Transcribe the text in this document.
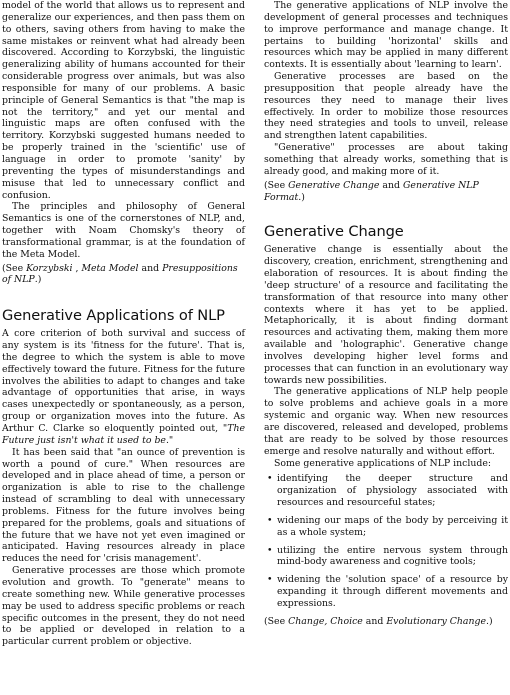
model of the world that allows us to represent and generalize our experiences, and then pass them on to others, saving others from having to make the same mistakes or reinvent what had already been discovered. According to Korzybski, the linguistic generalizing ability of humans accounted for their considerable progress over animals, but was also responsible for many of our problems. A basic principle of General Semantics is that "the map is not the territory," and yet our mental and linguistic maps are often confused with the territory. Korzybski suggested humans needed to be properly trained in the 'scientific' use of language in order to promote 'sanity' by preventing the types of misunderstandings and misuse that led to unnecessary conflict and confusion.

The principles and philosophy of General Semantics is one of the cornerstones of NLP, and, together with Noam Chomsky's theory of transformational grammar, is at the foundation of the Meta Model.

(See Korzybski , Meta Model and Presuppositions of NLP.)

Generative Applications of NLP

A core criterion of both survival and success of any system is its 'fitness for the future'. That is, the degree to which the system is able to move effectively toward the future. Fitness for the future involves the abilities to adapt to changes and take advantage of opportunities that arise, in ways cases unexpectedly or spontaneously, as a person, group or organization moves into the future. As Arthur C. Clarke so eloquently pointed out, "The Future just isn't what it used to be."

It has been said that "an ounce of prevention is worth a pound of cure." When resources are developed and in place ahead of time, a person or organization is able to rise to the challenge instead of scrambling to deal with unnecessary problems. Fitness for the future involves being prepared for the problems, goals and situations of the future that we have not yet even imagined or anticipated. Having resources already in place reduces the need for 'crisis management'.

Generative processes are those which promote evolution and growth. To "generate" means to create something new. While generative processes may be used to address specific problems or reach specific outcomes in the present, they do not need to be applied or developed in relation to a particular current problem or objective.

The generative applications of NLP involve the development of general processes and techniques to improve performance and manage change. It pertains to building 'horizontal' skills and resources which may be applied in many different contexts. It is essentially about 'learning to learn'.

Generative processes are based on the presupposition that people already have the resources they need to manage their lives effectively. In order to mobilize those resources they need strategies and tools to unveil, release and strengthen latent capabilities.

"Generative" processes are about taking something that already works, something that is already good, and making more of it.

(See Generative Change and Generative NLP Format.)

Generative Change

Generative change is essentially about the discovery, creation, enrichment, strengthening and elaboration of resources. It is about finding the 'deep structure' of a resource and facilitating the transformation of that resource into many other contexts where it has yet to be applied. Metaphorically, it is about finding dormant resources and activating them, making them more available and 'holographic'. Generative change involves developing higher level forms and processes that can function in an evolutionary way towards new possibilities.

The generative applications of NLP help people to solve problems and achieve goals in a more systemic and organic way. When new resources are discovered, released and developed, problems that are ready to be solved by those resources emerge and resolve naturally and without effort.

Some generative applications of NLP include:

• identifying the deeper structure and organization of physiology associated with resources and resourceful states;
• widening our maps of the body by perceiving it as a whole system;
• utilizing the entire nervous system through mind-body awareness and cognitive tools;
• widening the 'solution space' of a resource by expanding it through different movements and expressions.

(See Change, Choice and Evolutionary Change.)
